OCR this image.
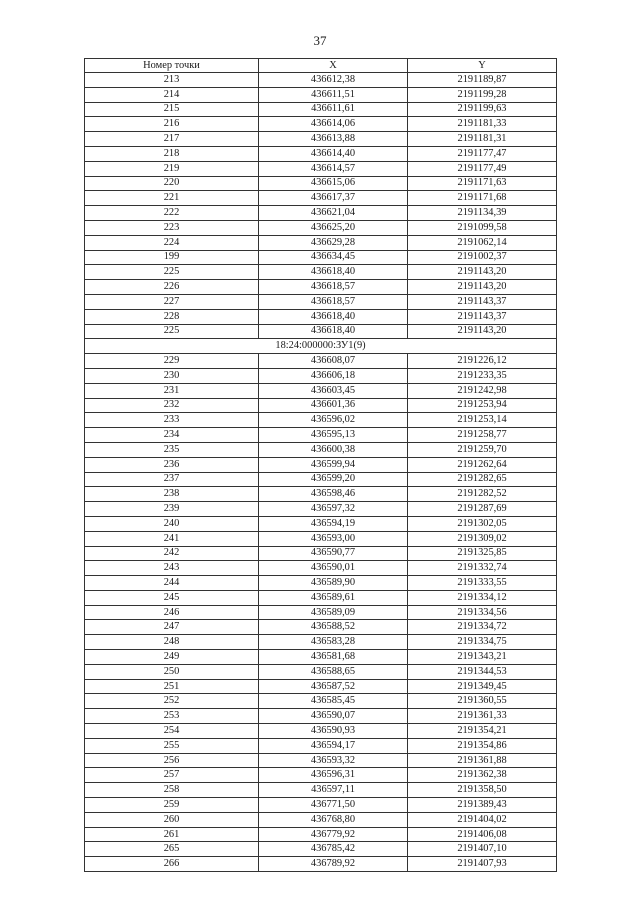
37
Номер точки	X	Y
213	436612,38	2191189,87
214	436611,51	2191199,28
215	436611,61	2191199,63
216	436614,06	2191181,33
217	436613,88	2191181,31
218	436614,40	2191177,47
219	436614,57	2191177,49
220	436615,06	2191171,63
221	436617,37	2191171,68
222	436621,04	2191134,39
223	436625,20	2191099,58
224	436629,28	2191062,14
199	436634,45	2191002,37
225	436618,40	2191143,20
226	436618,57	2191143,20
227	436618,57	2191143,37
228	436618,40	2191143,37
225	436618,40	2191143,20
18:24:000000:ЗУ1(9)		
229	436608,07	2191226,12
230	436606,18	2191233,35
231	436603,45	2191242,98
232	436601,36	2191253,94
233	436596,02	2191253,14
234	436595,13	2191258,77
235	436600,38	2191259,70
236	436599,94	2191262,64
237	436599,20	2191282,65
238	436598,46	2191282,52
239	436597,32	2191287,69
240	436594,19	2191302,05
241	436593,00	2191309,02
242	436590,77	2191325,85
243	436590,01	2191332,74
244	436589,90	2191333,55
245	436589,61	2191334,12
246	436589,09	2191334,56
247	436588,52	2191334,72
248	436583,28	2191334,75
249	436581,68	2191343,21
250	436588,65	2191344,53
251	436587,52	2191349,45
252	436585,45	2191360,55
253	436590,07	2191361,33
254	436590,93	2191354,21
255	436594,17	2191354,86
256	436593,32	2191361,88
257	436596,31	2191362,38
258	436597,11	2191358,50
259	436771,50	2191389,43
260	436768,80	2191404,02
261	436779,92	2191406,08
265	436785,42	2191407,10
266	436789,92	2191407,93
